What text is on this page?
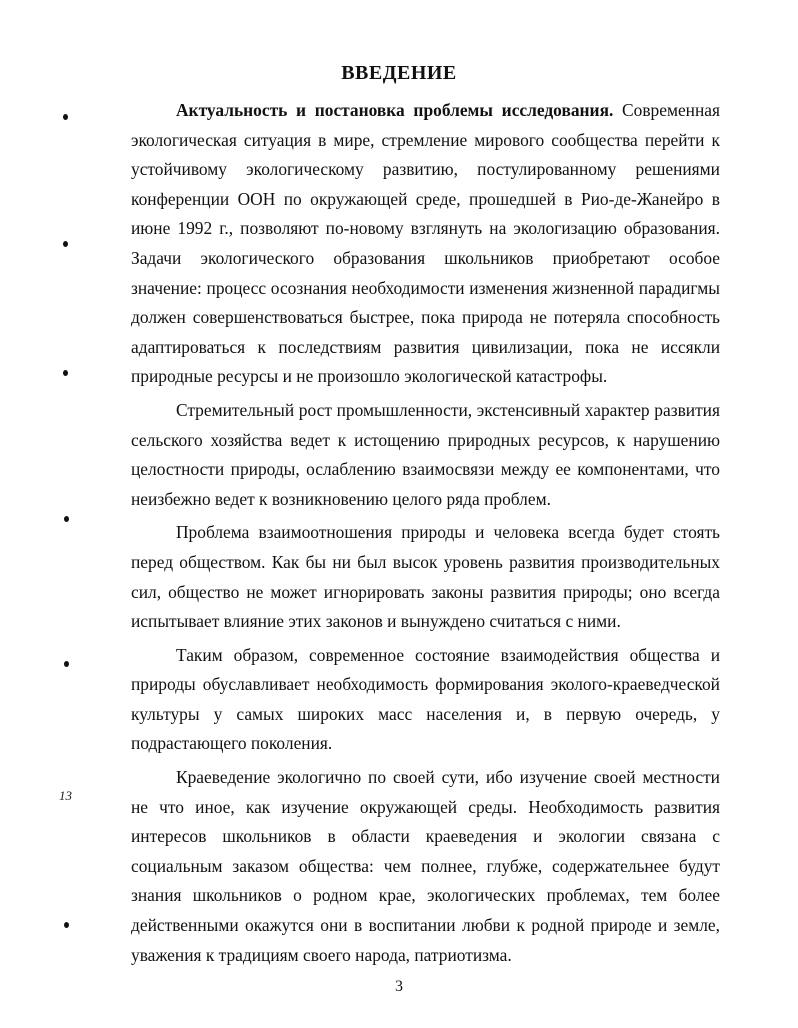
ВВЕДЕНИЕ

Актуальность и постановка проблемы исследования. Современная экологическая ситуация в мире, стремление мирового сообщества перейти к устойчивому экологическому развитию, постулированному решениями конференции ООН по окружающей среде, прошедшей в Рио-де-Жанейро в июне 1992 г., позволяют по-новому взглянуть на экологизацию образования. Задачи экологического образования школьников приобретают особое значение: процесс осознания необходимости изменения жизненной парадигмы должен совершенствоваться быстрее, пока природа не потеряла способность адаптироваться к последствиям развития цивилизации, пока не иссякли природные ресурсы и не произошло экологической катастрофы.

Стремительный рост промышленности, экстенсивный характер развития сельского хозяйства ведет к истощению природных ресурсов, к нарушению целостности природы, ослаблению взаимосвязи между ее компонентами, что неизбежно ведет к возникновению целого ряда проблем.

Проблема взаимоотношения природы и человека всегда будет стоять перед обществом. Как бы ни был высок уровень развития производительных сил, общество не может игнорировать законы развития природы; оно всегда испытывает влияние этих законов и вынуждено считаться с ними.

Таким образом, современное состояние взаимодействия общества и природы обуславливает необходимость формирования эколого-краеведческой культуры у самых широких масс населения и, в первую очередь, у подрастающего поколения.

Краеведение экологично по своей сути, ибо изучение своей местности не что иное, как изучение окружающей среды. Необходимость развития интересов школьников в области краеведения и экологии связана с социальным заказом общества: чем полнее, глубже, содержательнее будут знания школьников о родном крае, экологических проблемах, тем более действенными окажутся они в воспитании любви к родной природе и земле, уважения к традициям своего народа, патриотизма.

13
3
